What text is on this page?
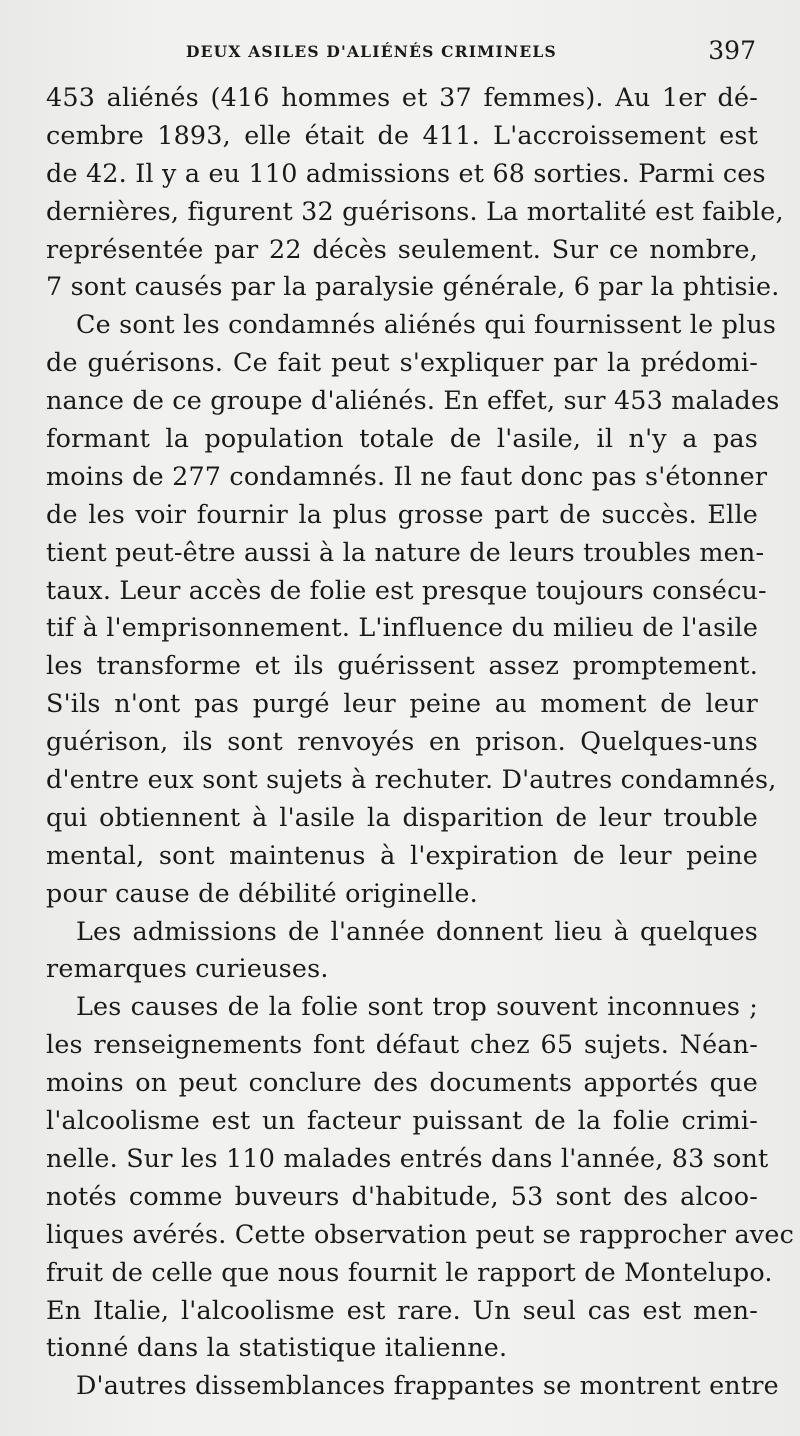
DEUX ASILES D'ALIÉNÉS CRIMINELS	397
453 aliénés (416 hommes et 37 femmes). Au 1er dé-
cembre 1893, elle était de 411. L'accroissement est
de 42. Il y a eu 110 admissions et 68 sorties. Parmi ces
dernières, figurent 32 guérisons. La mortalité est faible,
représentée par 22 décès seulement. Sur ce nombre,
7 sont causés par la paralysie générale, 6 par la phtisie.
Ce sont les condamnés aliénés qui fournissent le plus
de guérisons. Ce fait peut s'expliquer par la prédomi-
nance de ce groupe d'aliénés. En effet, sur 453 malades
formant la population totale de l'asile, il n'y a pas
moins de 277 condamnés. Il ne faut donc pas s'étonner
de les voir fournir la plus grosse part de succès. Elle
tient peut-être aussi à la nature de leurs troubles men-
taux. Leur accès de folie est presque toujours consécu-
tif à l'emprisonnement. L'influence du milieu de l'asile
les transforme et ils guérissent assez promptement.
S'ils n'ont pas purgé leur peine au moment de leur
guérison, ils sont renvoyés en prison. Quelques-uns
d'entre eux sont sujets à rechuter. D'autres condamnés,
qui obtiennent à l'asile la disparition de leur trouble
mental, sont maintenus à l'expiration de leur peine
pour cause de débilité originelle.
Les admissions de l'année donnent lieu à quelques
remarques curieuses.
Les causes de la folie sont trop souvent inconnues ;
les renseignements font défaut chez 65 sujets. Néan-
moins on peut conclure des documents apportés que
l'alcoolisme est un facteur puissant de la folie crimi-
nelle. Sur les 110 malades entrés dans l'année, 83 sont
notés comme buveurs d'habitude, 53 sont des alcoo-
liques avérés. Cette observation peut se rapprocher avec
fruit de celle que nous fournit le rapport de Montelupo.
En Italie, l'alcoolisme est rare. Un seul cas est men-
tionné dans la statistique italienne.
D'autres dissemblances frappantes se montrent entre
